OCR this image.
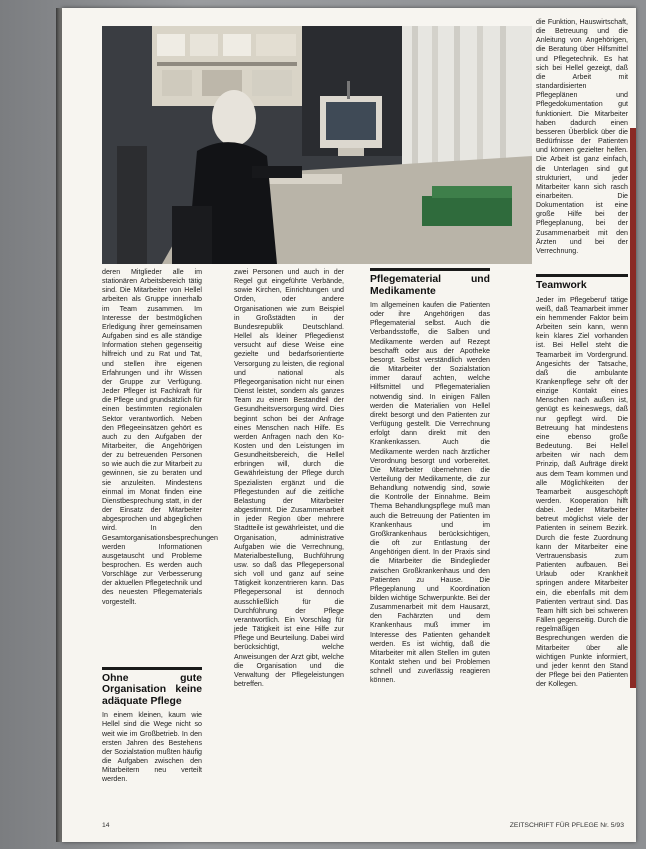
deren Mitglieder alle im stationären Arbeitsbereich tätig sind. Die Mitarbeiter von Hellel arbeiten als Gruppe innerhalb im Team zusammen. Im Interesse der bestmöglichen Erledigung ihrer gemeinsamen Aufgaben sind es alle ständige Information stehen gegenseitig hilfreich und zu Rat und Tat, und stellen ihre eigenen Erfahrungen und ihr Wissen der Gruppe zur Verfügung. Jeder Pfleger ist Fachkraft für die Pflege und grundsätzlich für einen bestimmten regionalen Sektor verantwortlich. Neben den Pflegeeinsätzen gehört es auch zu den Aufgaben der Mitarbeiter, die Angehörigen der zu betreuenden Personen so wie auch die zur Mitarbeit zu gewinnen, sie zu beraten und sie anzuleiten. Mindestens einmal im Monat finden eine Dienstbesprechung statt, in der der Einsatz der Mitarbeiter abgesprochen und abgeglichen wird. In den Gesamtorganisationsbesprechungen werden Informationen ausgetauscht und Probleme besprochen. Es werden auch Vorschläge zur Verbesserung der aktuellen Pflegetechnik und des neuesten Pflegematerials vorgestellt.

Ohne gute Organisation keine adäquate Pflege

In einem kleinen, kaum wie Hellel sind die Wege nicht so weit wie im Großbetrieb. In den ersten Jahren des Bestehens der Sozialstation mußten häufig die Aufgaben zwischen den Mitarbeitern neu verteilt werden.

zwei Personen und auch in der Regel gut eingeführte Verbände, sowie Kirchen, Einrichtungen und Orden, oder andere Organisationen wie zum Beispiel in Großstädten in der Bundesrepublik Deutschland. Hellel als kleiner Pflegedienst versucht auf diese Weise eine gezielte und bedarfsorientierte Versorgung zu leisten, die regional und national als Pflegeorganisation nicht nur einen Dienst leistet, sondern als ganzes Team zu einem Bestandteil der Gesundheitsversorgung wird. Dies beginnt schon bei der Anfrage eines Menschen nach Hilfe. Es werden Anfragen nach den Ko-Kosten und den Leistungen im Gesundheitsbereich, die Hellel erbringen will, durch die Gewährleistung der Pflege durch Spezialisten ergänzt und die Pflegestunden auf die zeitliche Belastung der Mitarbeiter abgestimmt. Die Zusammenarbeit in jeder Region über mehrere Stadtteile ist gewährleistet, und die Organisation, administrative Aufgaben wie die Verrechnung, Materialbestellung, Buchführung usw. so daß das Pflegepersonal sich voll und ganz auf seine Tätigkeit konzentrieren kann. Das Pflegepersonal ist dennoch ausschließlich für die Durchführung der Pflege verantwortlich. Ein Vorschlag für jede Tätigkeit ist eine Hilfe zur Pflege und Beurteilung. Dabei wird berücksichtigt, welche Anweisungen der Arzt gibt, welche die Organisation und die Verwaltung der Pflegeleistungen betreffen.

Pflegematerial und Medikamente

Im allgemeinen kaufen die Patienten oder ihre Angehörigen das Pflegematerial selbst. Auch die Verbandsstoffe, die Salben und Medikamente werden auf Rezept beschafft oder aus der Apotheke besorgt. Selbst verständlich werden die Mitarbeiter der Sozialstation immer darauf achten, welche Hilfsmittel und Pflegematerialien notwendig sind. In einigen Fällen werden die Materialien von Hellel direkt besorgt und den Patienten zur Verfügung gestellt. Die Verrechnung erfolgt dann direkt mit den Krankenkassen. Auch die Medikamente werden nach ärztlicher Verordnung besorgt und vorbereitet. Die Mitarbeiter übernehmen die Verteilung der Medikamente, die zur Behandlung notwendig sind, sowie die Kontrolle der Einnahme. Beim Thema Behandlungspflege muß man auch die Betreuung der Patienten im Krankenhaus und im Großkrankenhaus berücksichtigen, die oft zur Entlastung der Angehörigen dient. In der Praxis sind die Mitarbeiter die Bindeglieder zwischen Großkrankenhaus und den Patienten zu Hause. Die Pflegeplanung und Koordination bilden wichtige Schwerpunkte. Bei der Zusammenarbeit mit dem Hausarzt, den Fachärzten und dem Krankenhaus muß immer im Interesse des Patienten gehandelt werden. Es ist wichtig, daß die Mitarbeiter mit allen Stellen im guten Kontakt stehen und bei Problemen schnell und zuverlässig reagieren können.

die Funktion, Hauswirtschaft, die Betreuung und die Anleitung von Angehörigen, die Beratung über Hilfsmittel und Pflegetechnik. Es hat sich bei Hellel gezeigt, daß die Arbeit mit standardisierten Pflegeplänen und Pflegedokumentation gut funktioniert. Die Mitarbeiter haben dadurch einen besseren Überblick über die Bedürfnisse der Patienten und können gezielter helfen. Die Arbeit ist ganz einfach, die Unterlagen sind gut strukturiert, und jeder Mitarbeiter kann sich rasch einarbeiten. Die Dokumentation ist eine große Hilfe bei der Pflegeplanung, bei der Zusammenarbeit mit den Ärzten und bei der Verrechnung.

Teamwork

Jeder im Pflegeberuf tätige weiß, daß Teamarbeit immer ein hemmender Faktor beim Arbeiten sein kann, wenn kein klares Ziel vorhanden ist. Bei Hellel steht die Teamarbeit im Vordergrund. Angesichts der Tatsache, daß die ambulante Krankenpflege sehr oft der einzige Kontakt eines Menschen nach außen ist, genügt es keineswegs, daß nur gepflegt wird. Die Betreuung hat mindestens eine ebenso große Bedeutung. Bei Hellel arbeiten wir nach dem Prinzip, daß Aufträge direkt aus dem Team kommen und alle Möglichkeiten der Teamarbeit ausgeschöpft werden. Kooperation hilft dabei. Jeder Mitarbeiter betreut möglichst viele der Patienten in seinem Bezirk. Durch die feste Zuordnung kann der Mitarbeiter eine Vertrauensbasis zum Patienten aufbauen. Bei Urlaub oder Krankheit springen andere Mitarbeiter ein, die ebenfalls mit dem Patienten vertraut sind. Das Team hilft sich bei schweren Fällen gegenseitig. Durch die regelmäßigen Besprechungen werden die Mitarbeiter über alle wichtigen Punkte informiert, und jeder kennt den Stand der Pflege bei den Patienten der Kollegen.

14	ZEITSCHRIFT FÜR PFLEGE Nr. 5/93
